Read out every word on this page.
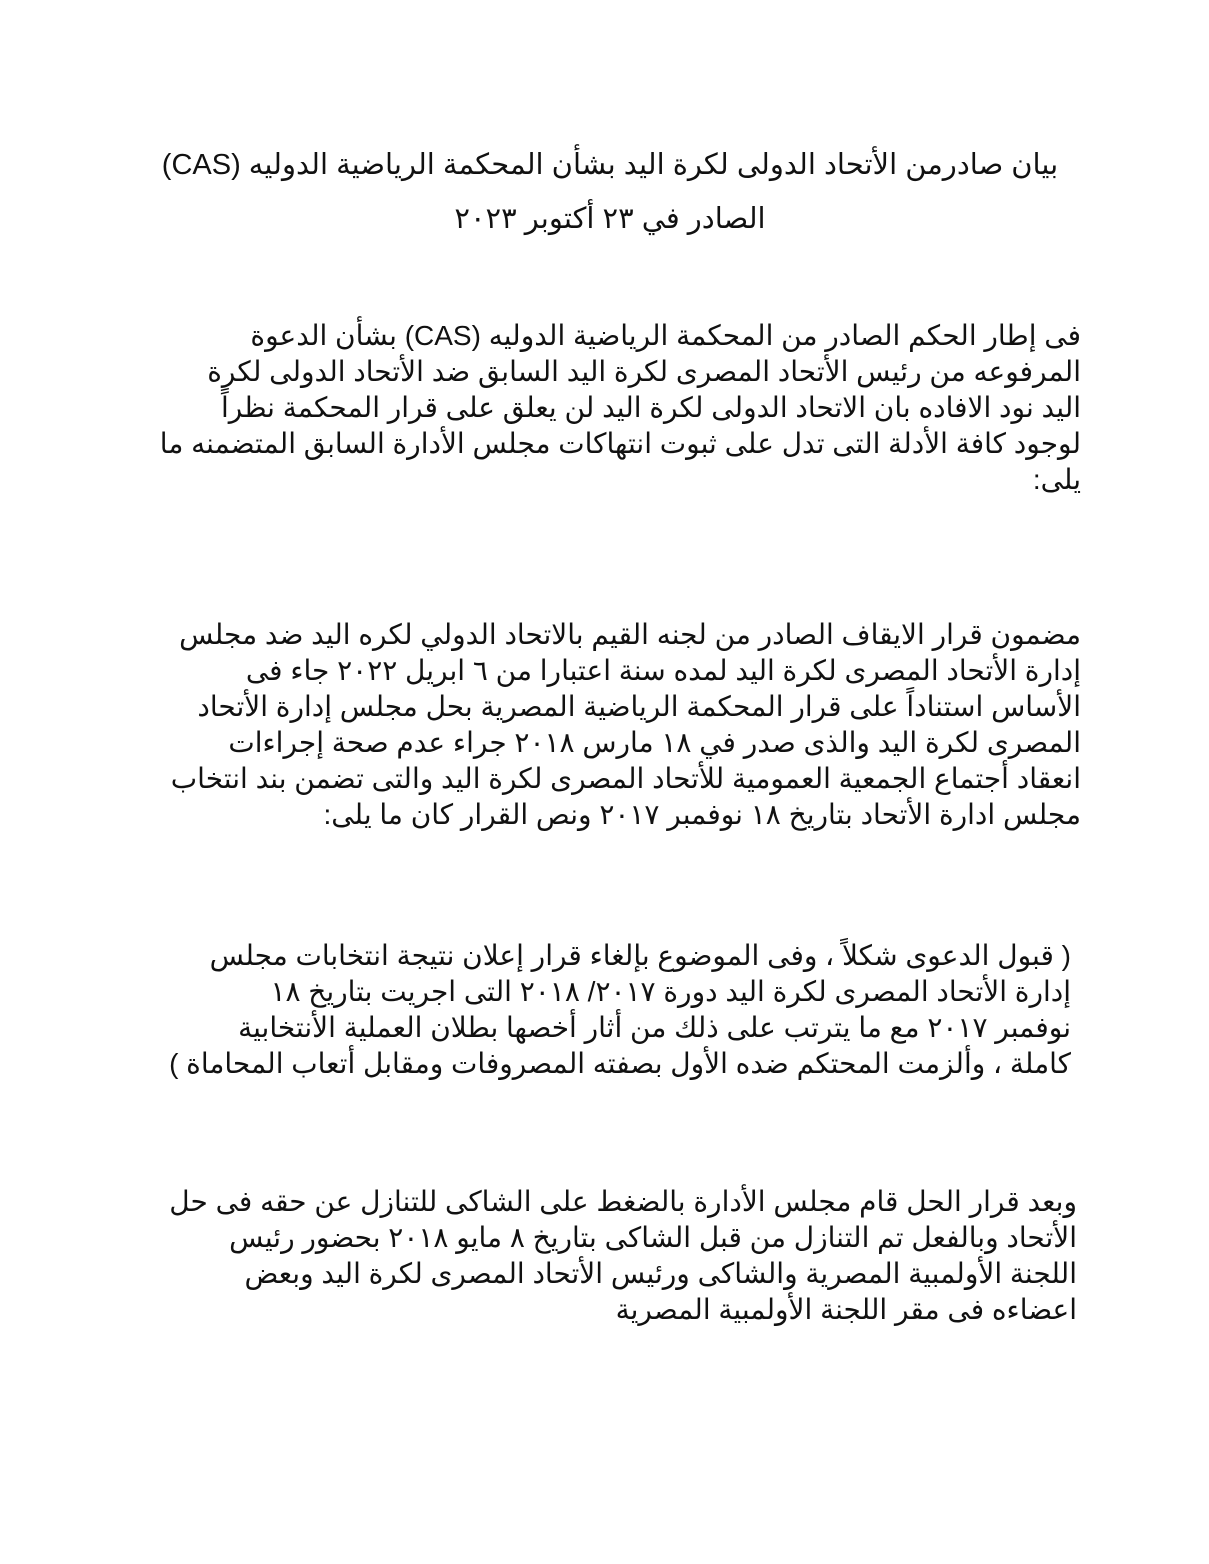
بيان صادرمن الأتحاد الدولى لكرة اليد بشأن المحكمة الرياضية الدوليه (CAS)
الصادر في ٢٣ أكتوبر ٢٠٢٣
فى إطار الحكم الصادر من المحكمة الرياضية الدوليه (CAS) بشأن الدعوة
المرفوعه من رئيس الأتحاد المصرى لكرة اليد السابق ضد الأتحاد الدولى لكرة
اليد نود الافاده بان الاتحاد الدولى لكرة اليد لن يعلق على قرار المحكمة نظراً
لوجود كافة الأدلة التى تدل على ثبوت انتهاكات مجلس الأدارة السابق المتضمنه ما
يلى:
مضمون قرار الايقاف الصادر من لجنه القيم بالاتحاد الدولي لكره اليد ضد مجلس
إدارة الأتحاد المصرى لكرة اليد لمده سنة اعتبارا من ٦ ابريل ٢٠٢٢ جاء فى
الأساس استناداً على قرار المحكمة الرياضية المصرية بحل مجلس إدارة الأتحاد
المصرى لكرة اليد والذى صدر في ١٨ مارس ٢٠١٨ جراء عدم صحة إجراءات
انعقاد أجتماع الجمعية العمومية للأتحاد المصرى لكرة اليد والتى تضمن بند انتخاب
مجلس ادارة الأتحاد بتاريخ ١٨ نوفمبر ٢٠١٧ ونص القرار كان ما يلى:
( قبول الدعوى شكلاً ، وفى الموضوع بإلغاء قرار إعلان نتيجة انتخابات مجلس
إدارة الأتحاد المصرى لكرة اليد دورة ٢٠١٧/ ٢٠١٨ التى اجريت بتاريخ ١٨
نوفمبر ٢٠١٧ مع ما يترتب على ذلك من أثار أخصها بطلان العملية الأنتخابية
كاملة ، وألزمت المحتكم ضده الأول بصفته المصروفات ومقابل أتعاب المحاماة )
وبعد قرار الحل قام مجلس الأدارة بالضغط على الشاكى للتنازل عن حقه فى حل
الأتحاد وبالفعل تم التنازل من قبل الشاكى بتاريخ ٨ مايو ٢٠١٨ بحضور رئيس
اللجنة الأولمبية المصرية والشاكى ورئيس الأتحاد المصرى لكرة اليد وبعض
اعضاءه فى مقر اللجنة الأولمبية المصرية
